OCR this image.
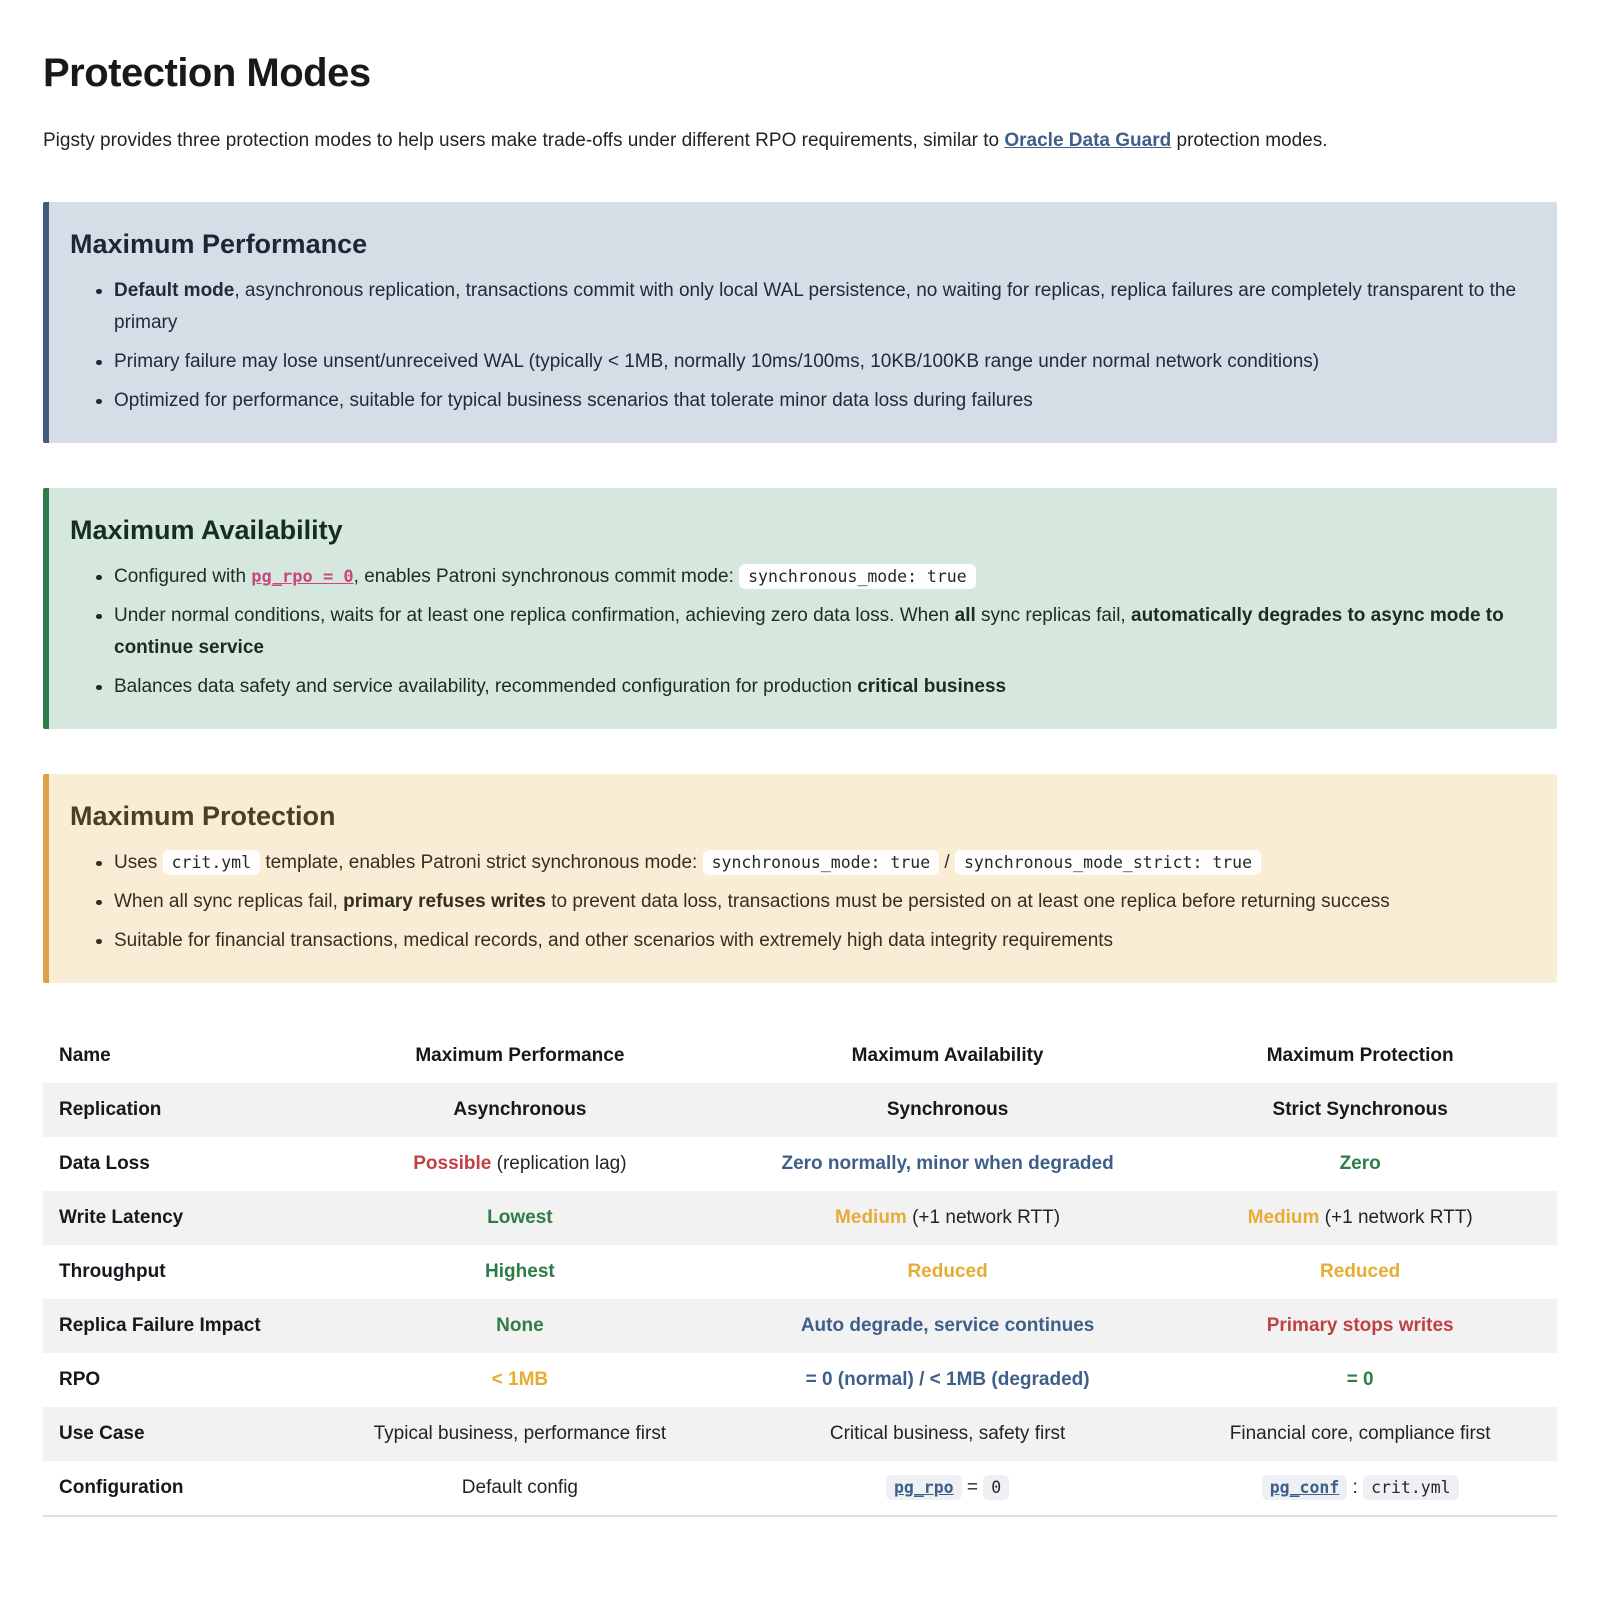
Protection Modes

Pigsty provides three protection modes to help users make trade-offs under different RPO requirements, similar to Oracle Data Guard protection modes.

Maximum Performance
Default mode, asynchronous replication, transactions commit with only local WAL persistence, no waiting for replicas, replica failures are completely transparent to the primary
Primary failure may lose unsent/unreceived WAL (typically < 1MB, normally 10ms/100ms, 10KB/100KB range under normal network conditions)
Optimized for performance, suitable for typical business scenarios that tolerate minor data loss during failures
Maximum Availability
Configured with pg_rpo = 0, enables Patroni synchronous commit mode: synchronous_mode: true
Under normal conditions, waits for at least one replica confirmation, achieving zero data loss. When all sync replicas fail, automatically degrades to async mode to continue service
Balances data safety and service availability, recommended configuration for production critical business
Maximum Protection
Uses crit.yml template, enables Patroni strict synchronous mode: synchronous_mode: true / synchronous_mode_strict: true
When all sync replicas fail, primary refuses writes to prevent data loss, transactions must be persisted on at least one replica before returning success
Suitable for financial transactions, medical records, and other scenarios with extremely high data integrity requirements
Name	Maximum Performance	Maximum Availability	Maximum Protection
Replication	Asynchronous	Synchronous	Strict Synchronous
Data Loss	Possible (replication lag)	Zero normally, minor when degraded	Zero
Write Latency	Lowest	Medium (+1 network RTT)	Medium (+1 network RTT)
Throughput	Highest	Reduced	Reduced
Replica Failure Impact	None	Auto degrade, service continues	Primary stops writes
RPO	< 1MB	= 0 (normal) / < 1MB (degraded)	= 0
Use Case	Typical business, performance first	Critical business, safety first	Financial core, compliance first
Configuration	Default config	pg_rpo = 0	pg_conf : crit.yml
